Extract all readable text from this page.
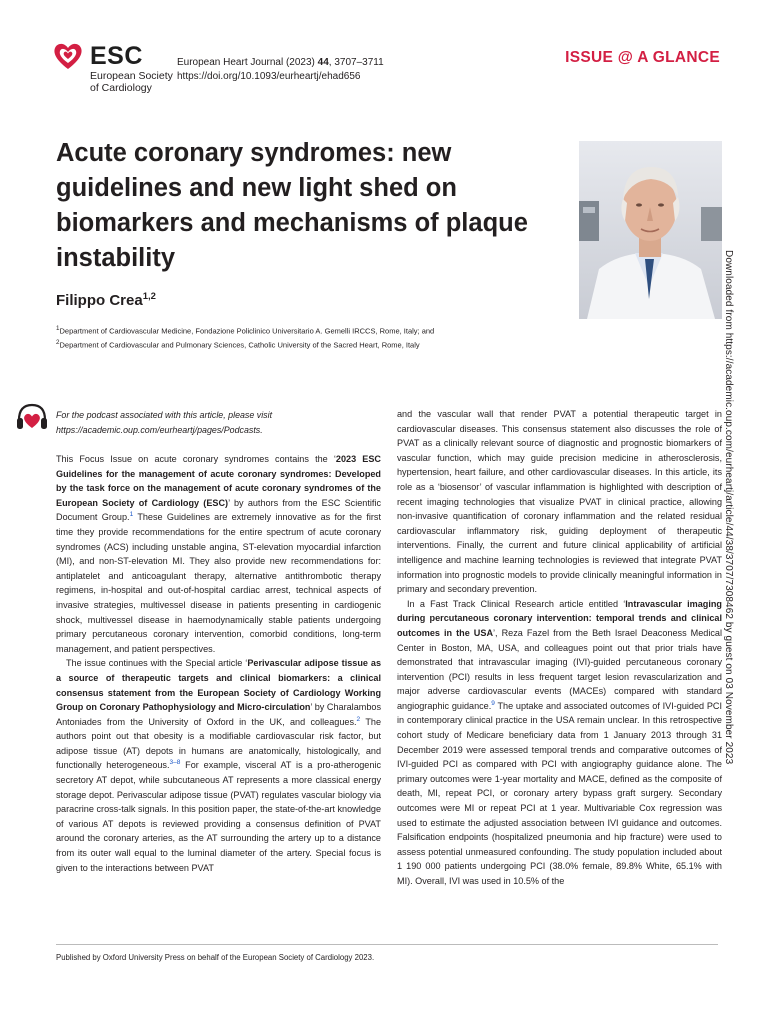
ESC
European Society
of Cardiology
European Heart Journal (2023) 44, 3707–3711
https://doi.org/10.1093/eurheartj/ehad656
ISSUE @ A GLANCE
Acute coronary syndromes: new guidelines and new light shed on biomarkers and mechanisms of plaque instability
Filippo Crea$^{1,2}$
$^1$Department of Cardiovascular Medicine, Fondazione Policlinico Universitario A. Gemelli IRCCS, Rome, Italy; and
$^2$Department of Cardiovascular and Pulmonary Sciences, Catholic University of the Sacred Heart, Rome, Italy	Downloaded from https://academic.oup.com/eurheartj/article/44/38/3707/7308462 by guest on 03 November 2023
For the podcast associated with this article, please visit https://academic.oup.com/eurheartj/pages/Podcasts.

This Focus Issue on acute coronary syndromes contains the ‘2023 ESC Guidelines for the management of acute coronary syndromes: Developed by the task force on the management of acute coronary syndromes of the European Society of Cardiology (ESC)’ by authors from the ESC Scientific Document Group.$^1$ These Guidelines are extremely innovative as for the first time they provide recommendations for the entire spectrum of acute coronary syndromes (ACS) including unstable angina, ST-elevation myocardial infarction (MI), and non-ST-elevation MI. They also provide new recommendations for: antiplatelet and anticoagulant therapy, alternative antithrombotic therapy regimens, in-hospital and out-of-hospital cardiac arrest, technical aspects of invasive strategies, multivessel disease in patients presenting in cardiogenic shock, multivessel disease in haemodynamically stable patients undergoing primary percutaneous coronary intervention, comorbid conditions, long-term management, and patient perspectives.

The issue continues with the Special article ‘Perivascular adipose tissue as a source of therapeutic targets and clinical biomarkers: a clinical consensus statement from the European Society of Cardiology Working Group on Coronary Pathophysiology and Micro-circulation’ by Charalambos Antoniades from the University of Oxford in the UK, and colleagues.$^2$ The authors point out that obesity is a modifiable cardiovascular risk factor, but adipose tissue (AT) depots in humans are anatomically, histologically, and functionally heterogeneous.$^{3-8}$ For example, visceral AT is a pro-atherogenic secretory AT depot, while subcutaneous AT represents a more classical energy storage depot. Perivascular adipose tissue (PVAT) regulates vascular biology via paracrine cross-talk signals. In this position paper, the state-of-the-art knowledge of various AT depots is reviewed providing a consensus definition of PVAT around the coronary arteries, as the AT surrounding the artery up to a distance from its outer wall equal to the luminal diameter of the artery. Special focus is given to the interactions between PVAT

and the vascular wall that render PVAT a potential therapeutic target in cardiovascular diseases. This consensus statement also discusses the role of PVAT as a clinically relevant source of diagnostic and prognostic biomarkers of vascular function, which may guide precision medicine in atherosclerosis, hypertension, heart failure, and other cardiovascular diseases. In this article, its role as a ‘biosensor’ of vascular inflammation is highlighted with description of recent imaging technologies that visualize PVAT in clinical practice, allowing non-invasive quantification of coronary inflammation and the related residual cardiovascular inflammatory risk, guiding deployment of therapeutic interventions. Finally, the current and future clinical applicability of artificial intelligence and machine learning technologies is reviewed that integrate PVAT information into prognostic models to provide clinically meaningful information in primary and secondary prevention.

In a Fast Track Clinical Research article entitled ‘Intravascular imaging during percutaneous coronary intervention: temporal trends and clinical outcomes in the USA’, Reza Fazel from the Beth Israel Deaconess Medical Center in Boston, MA, USA, and colleagues point out that prior trials have demonstrated that intravascular imaging (IVI)-guided percutaneous coronary intervention (PCI) results in less frequent target lesion revascularization and major adverse cardiovascular events (MACEs) compared with standard angiographic guidance.$^9$ The uptake and associated outcomes of IVI-guided PCI in contemporary clinical practice in the USA remain unclear. In this retrospective cohort study of Medicare beneficiary data from 1 January 2013 through 31 December 2019 were assessed temporal trends and comparative outcomes of IVI-guided PCI as compared with PCI with angiography guidance alone. The primary outcomes were 1-year mortality and MACE, defined as the composite of death, MI, repeat PCI, or coronary artery bypass graft surgery. Secondary outcomes were MI or repeat PCI at 1 year. Multivariable Cox regression was used to estimate the adjusted association between IVI guidance and outcomes. Falsification endpoints (hospitalized pneumonia and hip fracture) were used to assess potential unmeasured confounding. The study population included about 1 190 000 patients undergoing PCI (38.0% female, 89.8% White, 65.1% with MI). Overall, IVI was used in 10.5% of the

Published by Oxford University Press on behalf of the European Society of Cardiology 2023.
